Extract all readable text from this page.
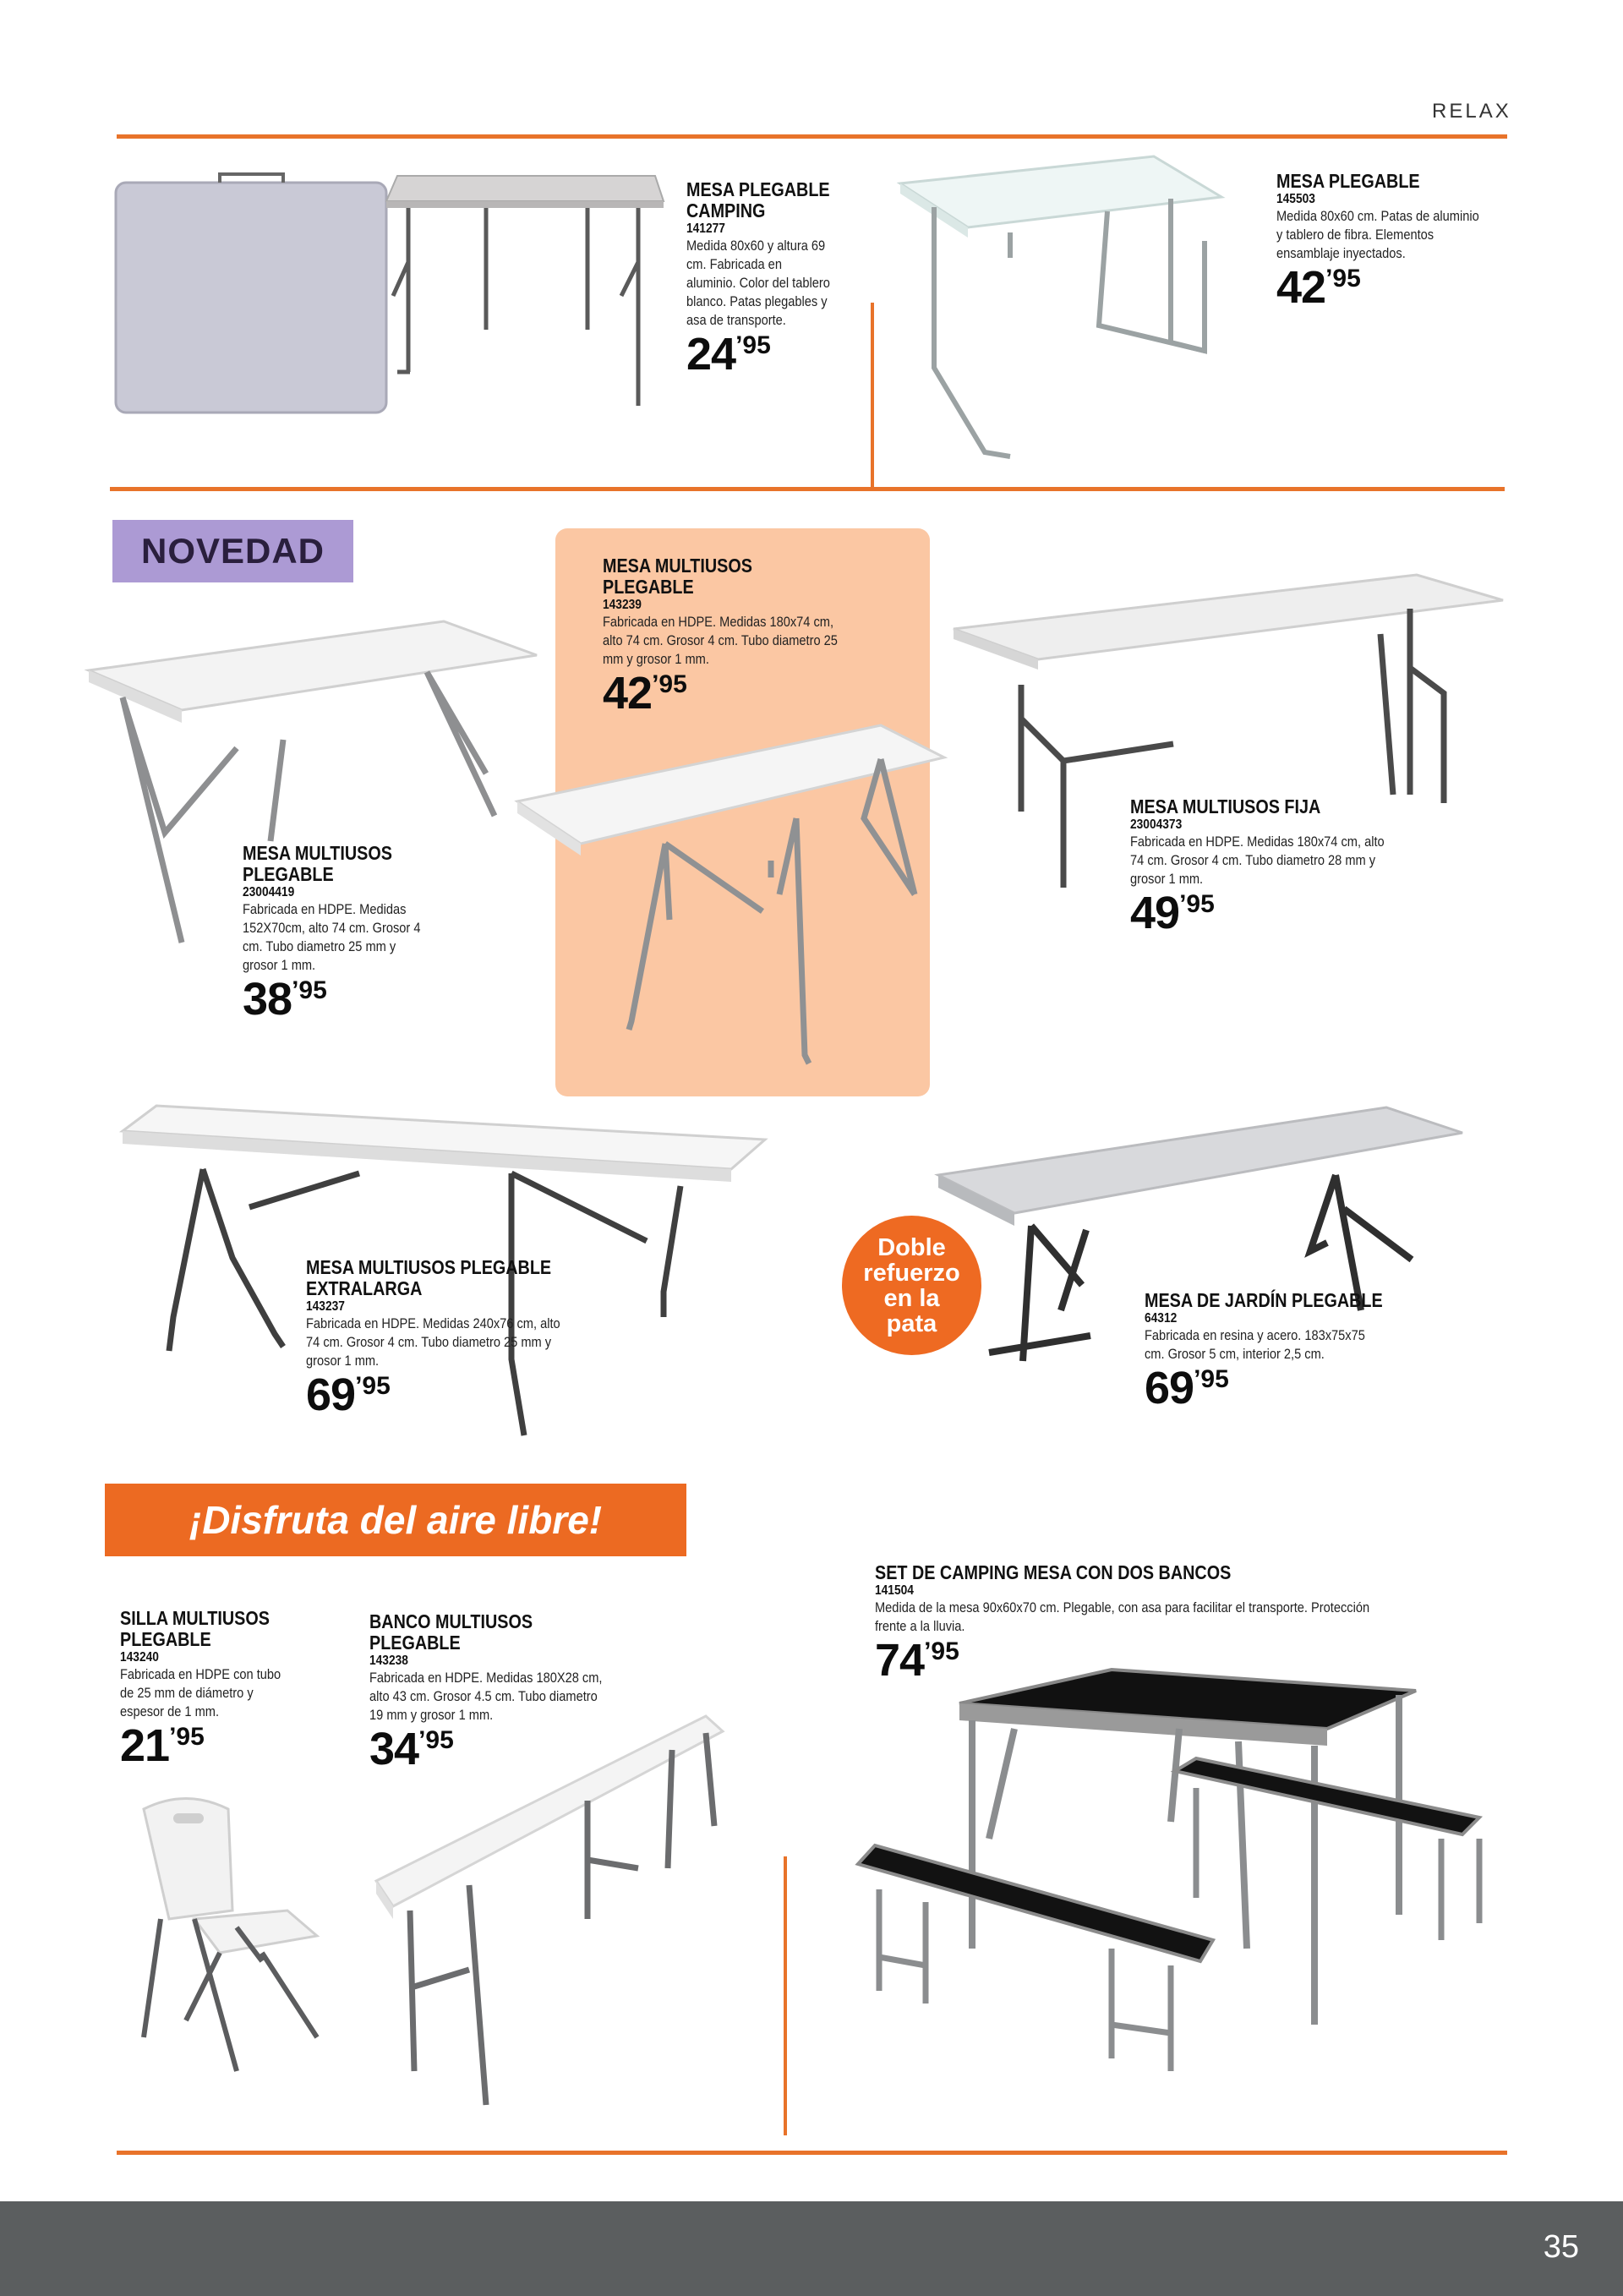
RELAX
MESA PLEGABLE CAMPING
141277
Medida 80x60 y altura 69 cm. Fabricada en aluminio. Color del tablero blanco. Patas plegables y asa de transporte.
24’95
MESA PLEGABLE
145503
Medida 80x60 cm. Patas de aluminio y tablero de fibra. Elementos ensamblaje inyectados.
42’95
NOVEDAD
MESA MULTIUSOS PLEGABLE
23004419
Fabricada en HDPE. Medidas 152X70cm, alto 74 cm. Grosor 4 cm. Tubo diametro 25 mm y grosor 1 mm.
38’95
MESA MULTIUSOS PLEGABLE
143239
Fabricada en HDPE. Medidas 180x74 cm, alto 74 cm. Grosor 4 cm. Tubo diametro 25 mm y grosor 1 mm.
42’95
MESA MULTIUSOS FIJA
23004373
Fabricada en HDPE. Medidas 180x74 cm, alto 74 cm. Grosor 4 cm. Tubo diametro 28 mm y grosor 1 mm.
49’95
MESA MULTIUSOS PLEGABLE EXTRALARGA
143237
Fabricada en HDPE. Medidas 240x76 cm, alto 74 cm. Grosor 4 cm. Tubo diametro 25 mm y grosor 1 mm.
69’95
Doble refuerzo en la pata
MESA DE JARDÍN PLEGABLE
64312
Fabricada en resina y acero. 183x75x75 cm. Grosor 5 cm, interior 2,5 cm.
69’95
¡Disfruta del aire libre!
SILLA MULTIUSOS PLEGABLE
143240
Fabricada en HDPE con tubo de 25 mm de diámetro y espesor de 1 mm.
21’95
BANCO MULTIUSOS PLEGABLE
143238
Fabricada en HDPE. Medidas 180X28 cm, alto 43 cm. Grosor 4.5 cm. Tubo diametro 19 mm y grosor 1 mm.
34’95
SET DE CAMPING MESA CON DOS BANCOS
141504
Medida de la mesa 90x60x70 cm. Plegable, con asa para facilitar el transporte. Protección frente a la lluvia.
74’95
35
